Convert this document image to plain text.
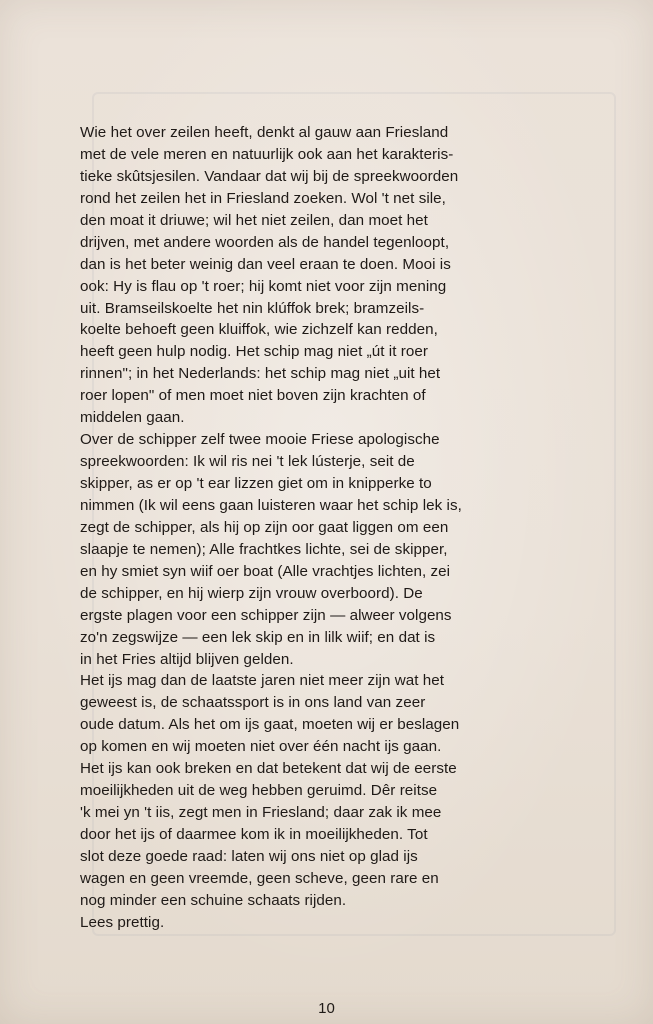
Wie het over zeilen heeft, denkt al gauw aan Friesland
met de vele meren en natuurlijk ook aan het karakteris-
tieke skûtsjesilen. Vandaar dat wij bij de spreekwoorden
rond het zeilen het in Friesland zoeken. Wol 't net sile,
den moat it driuwe; wil het niet zeilen, dan moet het
drijven, met andere woorden als de handel tegenloopt,
dan is het beter weinig dan veel eraan te doen. Mooi is
ook: Hy is flau op 't roer; hij komt niet voor zijn mening
uit. Bramseilskoelte het nin klúffok brek; bramzeils-
koelte behoeft geen kluiffok, wie zichzelf kan redden,
heeft geen hulp nodig. Het schip mag niet „út it roer
rinnen"; in het Nederlands: het schip mag niet „uit het
roer lopen" of men moet niet boven zijn krachten of
middelen gaan.
Over de schipper zelf twee mooie Friese apologische
spreekwoorden: Ik wil ris nei 't lek lústerje, seit de
skipper, as er op 't ear lizzen giet om in knipperke to
nimmen (Ik wil eens gaan luisteren waar het schip lek is,
zegt de schipper, als hij op zijn oor gaat liggen om een
slaapje te nemen); Alle frachtkes lichte, sei de skipper,
en hy smiet syn wiif oer boat (Alle vrachtjes lichten, zei
de schipper, en hij wierp zijn vrouw overboord). De
ergste plagen voor een schipper zijn — alweer volgens
zo'n zegswijze — een lek skip en in lilk wiif; en dat is
in het Fries altijd blijven gelden.
Het ijs mag dan de laatste jaren niet meer zijn wat het
geweest is, de schaatssport is in ons land van zeer
oude datum. Als het om ijs gaat, moeten wij er beslagen
op komen en wij moeten niet over één nacht ijs gaan.
Het ijs kan ook breken en dat betekent dat wij de eerste
moeilijkheden uit de weg hebben geruimd. Dêr reitse
'k mei yn 't iis, zegt men in Friesland; daar zak ik mee
door het ijs of daarmee kom ik in moeilijkheden. Tot
slot deze goede raad: laten wij ons niet op glad ijs
wagen en geen vreemde, geen scheve, geen rare en
nog minder een schuine schaats rijden.
Lees prettig.
10
